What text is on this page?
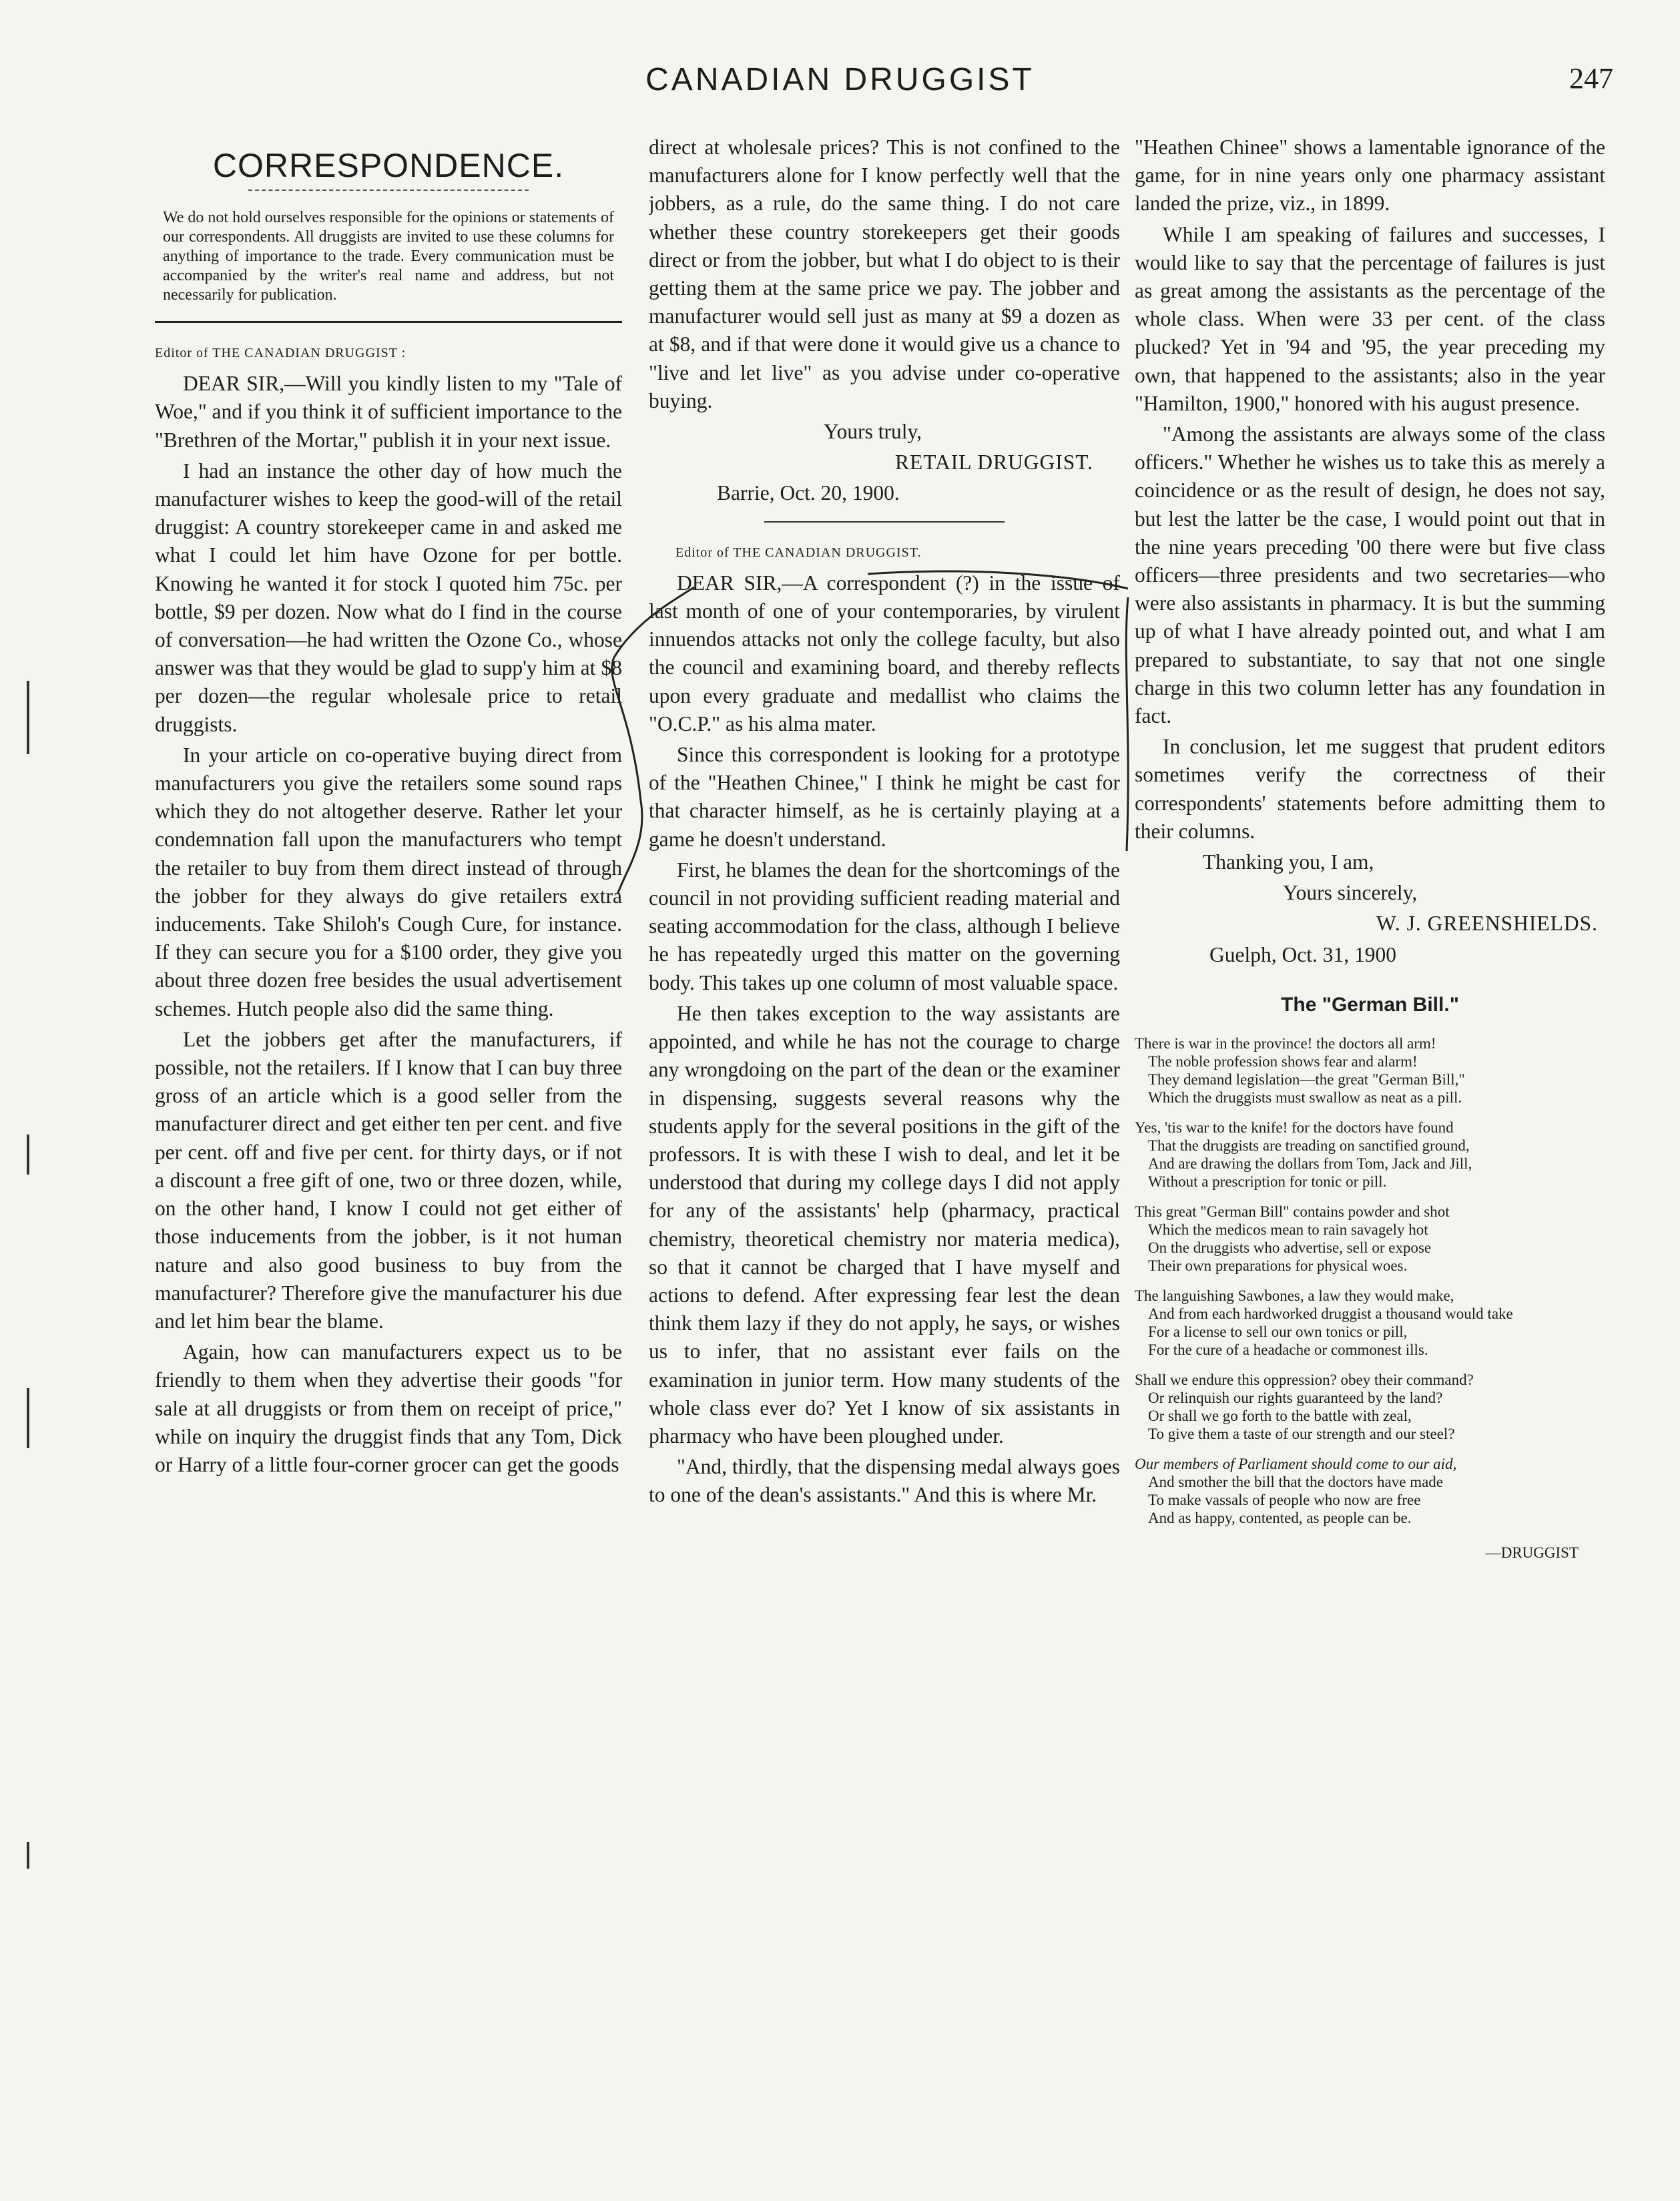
CANADIAN DRUGGIST	247
CORRESPONDENCE.
We do not hold ourselves responsible for the opinions or statements of our correspondents. All druggists are invited to use these columns for anything of importance to the trade. Every communication must be accompanied by the writer's real name and address, but not necessarily for publication.

Editor of THE CANADIAN DRUGGIST :

DEAR SIR,—Will you kindly listen to my "Tale of Woe," and if you think it of sufficient importance to the "Brethren of the Mortar," publish it in your next issue.

I had an instance the other day of how much the manufacturer wishes to keep the good-will of the retail druggist: A country storekeeper came in and asked me what I could let him have Ozone for per bottle. Knowing he wanted it for stock I quoted him 75c. per bottle, $9 per dozen. Now what do I find in the course of conversation—he had written the Ozone Co., whose answer was that they would be glad to supp'y him at $8 per dozen—the regular wholesale price to retail druggists.

In your article on co-operative buying direct from manufacturers you give the retailers some sound raps which they do not altogether deserve. Rather let your condemnation fall upon the manufacturers who tempt the retailer to buy from them direct instead of through the jobber for they always do give retailers extra inducements. Take Shiloh's Cough Cure, for instance. If they can secure you for a $100 order, they give you about three dozen free besides the usual advertisement schemes. Hutch people also did the same thing.

Let the jobbers get after the manufacturers, if possible, not the retailers. If I know that I can buy three gross of an article which is a good seller from the manufacturer direct and get either ten per cent. and five per cent. off and five per cent. for thirty days, or if not a discount a free gift of one, two or three dozen, while, on the other hand, I know I could not get either of those inducements from the jobber, is it not human nature and also good business to buy from the manufacturer? Therefore give the manufacturer his due and let him bear the blame.

Again, how can manufacturers expect us to be friendly to them when they advertise their goods "for sale at all druggists or from them on receipt of price," while on inquiry the druggist finds that any Tom, Dick or Harry of a little four-corner grocer can get the goods

direct at wholesale prices? This is not confined to the manufacturers alone for I know perfectly well that the jobbers, as a rule, do the same thing. I do not care whether these country storekeepers get their goods direct or from the jobber, but what I do object to is their getting them at the same price we pay. The jobber and manufacturer would sell just as many at $9 a dozen as at $8, and if that were done it would give us a chance to "live and let live" as you advise under co-operative buying.

Yours truly,

RETAIL DRUGGIST.

Barrie, Oct. 20, 1900.

Editor of THE CANADIAN DRUGGIST.

DEAR SIR,—A correspondent (?) in the issue of last month of one of your contemporaries, by virulent innuendos attacks not only the college faculty, but also the council and examining board, and thereby reflects upon every graduate and medallist who claims the "O.C.P." as his alma mater.

Since this correspondent is looking for a prototype of the "Heathen Chinee," I think he might be cast for that character himself, as he is certainly playing at a game he doesn't understand.

First, he blames the dean for the shortcomings of the council in not providing sufficient reading material and seating accommodation for the class, although I believe he has repeatedly urged this matter on the governing body. This takes up one column of most valuable space.

He then takes exception to the way assistants are appointed, and while he has not the courage to charge any wrongdoing on the part of the dean or the examiner in dispensing, suggests several reasons why the students apply for the several positions in the gift of the professors. It is with these I wish to deal, and let it be understood that during my college days I did not apply for any of the assistants' help (pharmacy, practical chemistry, theoretical chemistry nor materia medica), so that it cannot be charged that I have myself and actions to defend. After expressing fear lest the dean think them lazy if they do not apply, he says, or wishes us to infer, that no assistant ever fails on the examination in junior term. How many students of the whole class ever do? Yet I know of six assistants in pharmacy who have been ploughed under.

"And, thirdly, that the dispensing medal always goes to one of the dean's assistants." And this is where Mr.

"Heathen Chinee" shows a lamentable ignorance of the game, for in nine years only one pharmacy assistant landed the prize, viz., in 1899.

While I am speaking of failures and successes, I would like to say that the percentage of failures is just as great among the assistants as the percentage of the whole class. When were 33 per cent. of the class plucked? Yet in '94 and '95, the year preceding my own, that happened to the assistants; also in the year "Hamilton, 1900," honored with his august presence.

"Among the assistants are always some of the class officers." Whether he wishes us to take this as merely a coincidence or as the result of design, he does not say, but lest the latter be the case, I would point out that in the nine years preceding '00 there were but five class officers—three presidents and two secretaries—who were also assistants in pharmacy. It is but the summing up of what I have already pointed out, and what I am prepared to substantiate, to say that not one single charge in this two column letter has any foundation in fact.

In conclusion, let me suggest that prudent editors sometimes verify the correctness of their correspondents' statements before admitting them to their columns.

Thanking you, I am,

Yours sincerely,

W. J. GREENSHIELDS.

Guelph, Oct. 31, 1900

The "German Bill."
There is war in the province! the doctors all arm!
The noble profession shows fear and alarm!
They demand legislation—the great "German Bill,"
Which the druggists must swallow as neat as a pill.
Yes, 'tis war to the knife! for the doctors have found
That the druggists are treading on sanctified ground,
And are drawing the dollars from Tom, Jack and Jill,
Without a prescription for tonic or pill.
This great "German Bill" contains powder and shot
Which the medicos mean to rain savagely hot
On the druggists who advertise, sell or expose
Their own preparations for physical woes.
The languishing Sawbones, a law they would make,
And from each hardworked druggist a thousand would take
For a license to sell our own tonics or pill,
For the cure of a headache or commonest ills.
Shall we endure this oppression? obey their command?
Or relinquish our rights guaranteed by the land?
Or shall we go forth to the battle with zeal,
To give them a taste of our strength and our steel?
Our members of Parliament should come to our aid,
And smother the bill that the doctors have made
To make vassals of people who now are free
And as happy, contented, as people can be.
—DRUGGIST
